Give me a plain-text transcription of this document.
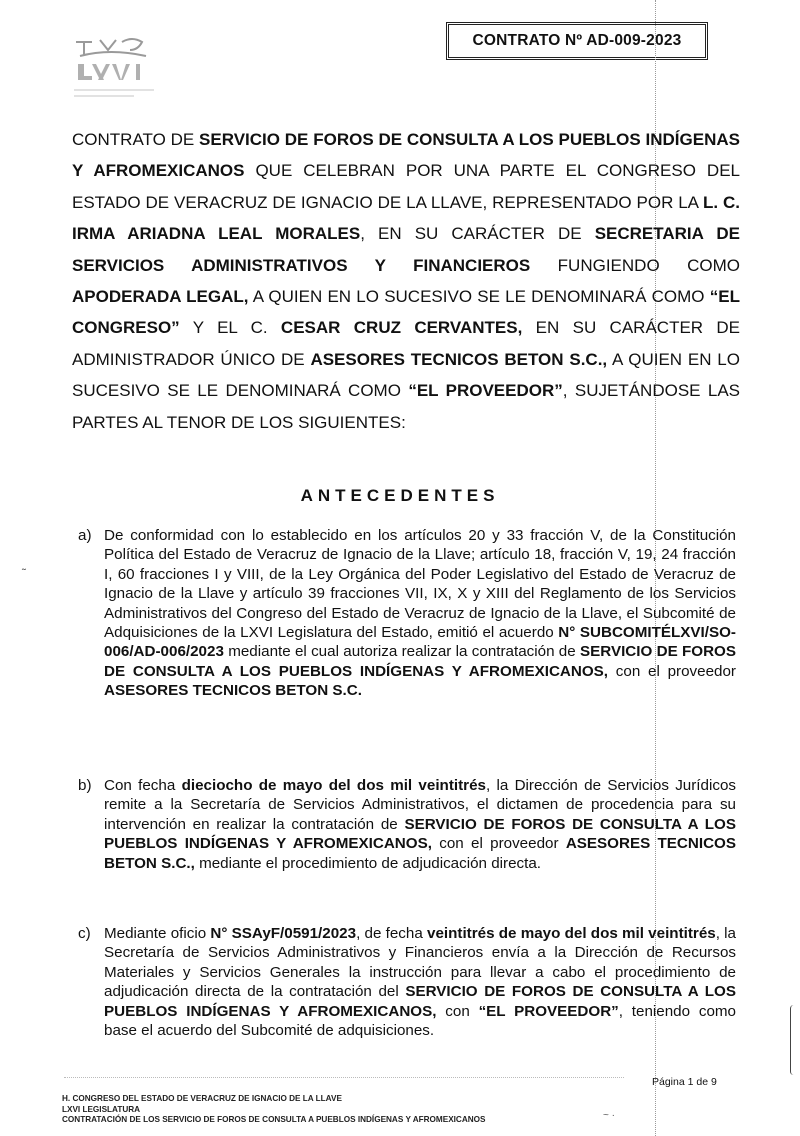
CONTRATO Nº AD-009-2023
CONTRATO DE SERVICIO DE FOROS DE CONSULTA A LOS PUEBLOS INDÍGENAS Y AFROMEXICANOS QUE CELEBRAN POR UNA PARTE EL CONGRESO DEL ESTADO DE VERACRUZ DE IGNACIO DE LA LLAVE, REPRESENTADO POR LA L. C. IRMA ARIADNA LEAL MORALES, EN SU CARÁCTER DE SECRETARIA DE SERVICIOS ADMINISTRATIVOS Y FINANCIEROS FUNGIENDO COMO APODERADA LEGAL, A QUIEN EN LO SUCESIVO SE LE DENOMINARÁ COMO “EL CONGRESO” Y EL C. CESAR CRUZ CERVANTES, EN SU CARÁCTER DE ADMINISTRADOR ÚNICO DE ASESORES TECNICOS BETON S.C., A QUIEN EN LO SUCESIVO SE LE DENOMINARÁ COMO “EL PROVEEDOR”, SUJETÁNDOSE LAS PARTES AL TENOR DE LOS SIGUIENTES:
ANTECEDENTES
a) De conformidad con lo establecido en los artículos 20 y 33 fracción V, de la Constitución Política del Estado de Veracruz de Ignacio de la Llave; artículo 18, fracción V, 19, 24 fracción I, 60 fracciones I y VIII, de la Ley Orgánica del Poder Legislativo del Estado de Veracruz de Ignacio de la Llave y artículo 39 fracciones VII, IX, X y XIII del Reglamento de los Servicios Administrativos del Congreso del Estado de Veracruz de Ignacio de la Llave, el Subcomité de Adquisiciones de la LXVI Legislatura del Estado, emitió el acuerdo N° SUBCOMITÉLXVI/SO-006/AD-006/2023 mediante el cual autoriza realizar la contratación de SERVICIO DE FOROS DE CONSULTA A LOS PUEBLOS INDÍGENAS Y AFROMEXICANOS, con el proveedor ASESORES TECNICOS BETON S.C.
b) Con fecha dieciocho de mayo del dos mil veintitrés, la Dirección de Servicios Jurídicos remite a la Secretaría de Servicios Administrativos, el dictamen de procedencia para su intervención en realizar la contratación de SERVICIO DE FOROS DE CONSULTA A LOS PUEBLOS INDÍGENAS Y AFROMEXICANOS, con el proveedor ASESORES TECNICOS BETON S.C., mediante el procedimiento de adjudicación directa.
c) Mediante oficio N° SSAyF/0591/2023, de fecha veintitrés de mayo del dos mil veintitrés, la Secretaría de Servicios Administrativos y Financieros envía a la Dirección de Recursos Materiales y Servicios Generales la instrucción para llevar a cabo el procedimiento de adjudicación directa de la contratación del SERVICIO DE FOROS DE CONSULTA A LOS PUEBLOS INDÍGENAS Y AFROMEXICANOS, con “EL PROVEEDOR”, teniendo como base el acuerdo del Subcomité de adquisiciones.
Página 1 de 9
H. CONGRESO DEL ESTADO DE VERACRUZ DE IGNACIO DE LA LLAVE
LXVI LEGISLATURA
CONTRATACIÓN DE LOS SERVICIO DE FOROS DE CONSULTA A PUEBLOS INDÍGENAS Y AFROMEXICANOS
˜
~ ·
